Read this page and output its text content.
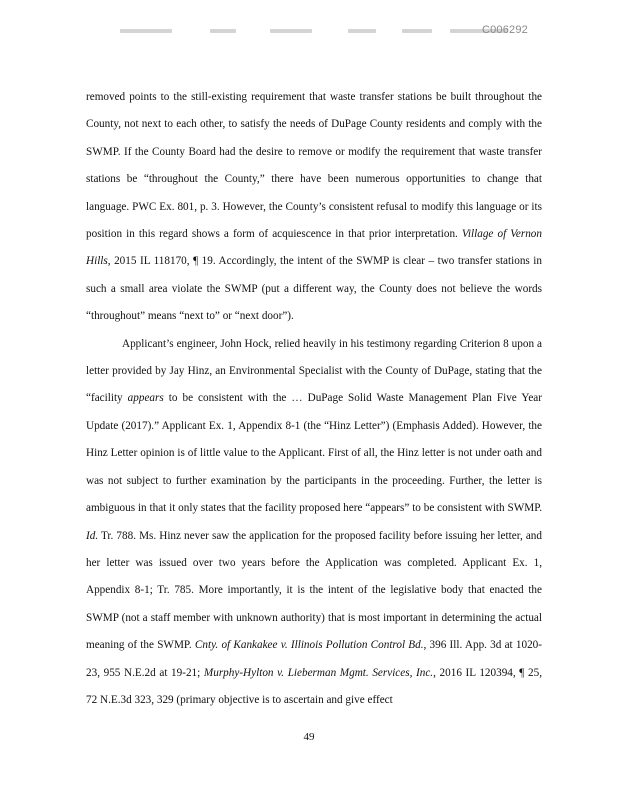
C006292

removed points to the still-existing requirement that waste transfer stations be built throughout the County, not next to each other, to satisfy the needs of DuPage County residents and comply with the SWMP. If the County Board had the desire to remove or modify the requirement that waste transfer stations be “throughout the County,” there have been numerous opportunities to change that language. PWC Ex. 801, p. 3. However, the County’s consistent refusal to modify this language or its position in this regard shows a form of acquiescence in that prior interpretation. Village of Vernon Hills, 2015 IL 118170, ¶ 19. Accordingly, the intent of the SWMP is clear – two transfer stations in such a small area violate the SWMP (put a different way, the County does not believe the words “throughout” means “next to” or “next door”).

Applicant’s engineer, John Hock, relied heavily in his testimony regarding Criterion 8 upon a letter provided by Jay Hinz, an Environmental Specialist with the County of DuPage, stating that the “facility appears to be consistent with the … DuPage Solid Waste Management Plan Five Year Update (2017).” Applicant Ex. 1, Appendix 8-1 (the “Hinz Letter”) (Emphasis Added). However, the Hinz Letter opinion is of little value to the Applicant. First of all, the Hinz letter is not under oath and was not subject to further examination by the participants in the proceeding. Further, the letter is ambiguous in that it only states that the facility proposed here “appears” to be consistent with SWMP. Id. Tr. 788. Ms. Hinz never saw the application for the proposed facility before issuing her letter, and her letter was issued over two years before the Application was completed. Applicant Ex. 1, Appendix 8-1; Tr. 785. More importantly, it is the intent of the legislative body that enacted the SWMP (not a staff member with unknown authority) that is most important in determining the actual meaning of the SWMP. Cnty. of Kankakee v. Illinois Pollution Control Bd., 396 Ill. App. 3d at 1020-23, 955 N.E.2d at 19-21; Murphy-Hylton v. Lieberman Mgmt. Services, Inc., 2016 IL 120394, ¶ 25, 72 N.E.3d 323, 329 (primary objective is to ascertain and give effect

49
